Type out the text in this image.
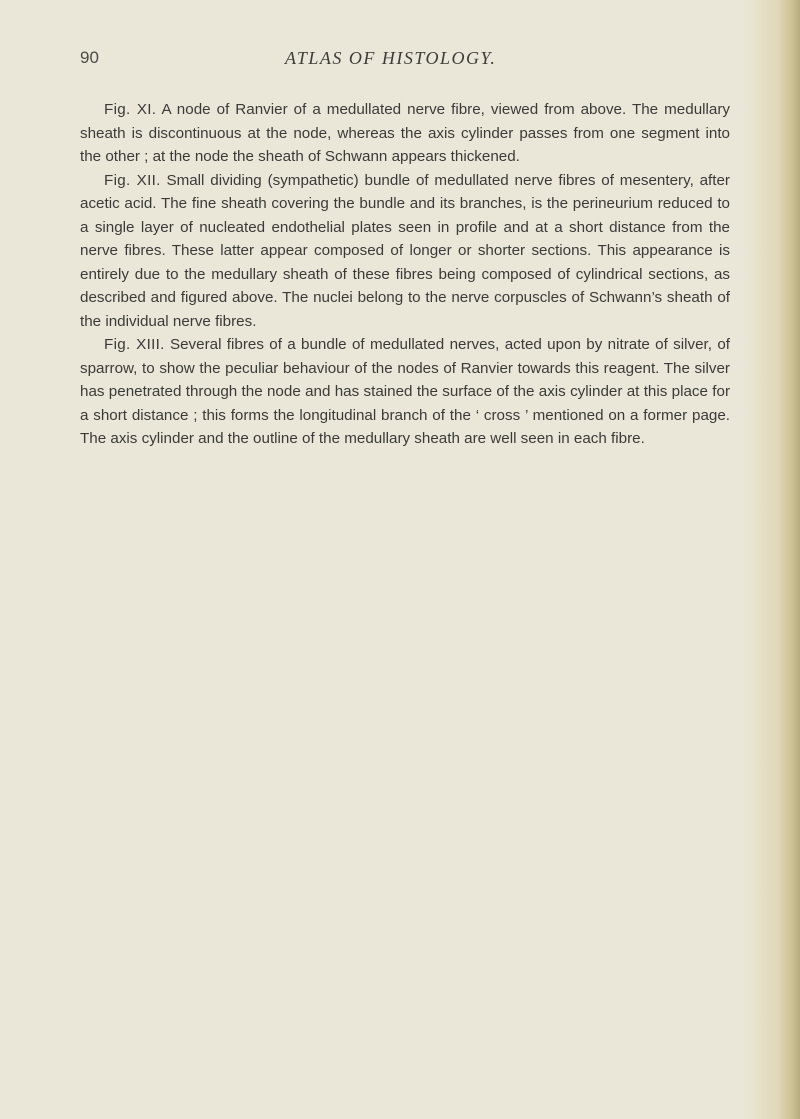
90	ATLAS OF HISTOLOGY.

Fig. XI. A node of Ranvier of a medullated nerve fibre, viewed from above. The medullary sheath is discontinuous at the node, whereas the axis cylinder passes from one segment into the other ; at the node the sheath of Schwann appears thickened.

Fig. XII. Small dividing (sympathetic) bundle of medullated nerve fibres of mesentery, after acetic acid. The fine sheath covering the bundle and its branches, is the perineurium reduced to a single layer of nucleated endothelial plates seen in profile and at a short distance from the nerve fibres. These latter appear composed of longer or shorter sections. This appearance is entirely due to the medullary sheath of these fibres being composed of cylindrical sections, as described and figured above. The nuclei belong to the nerve corpuscles of Schwann’s sheath of the individual nerve fibres.

Fig. XIII. Several fibres of a bundle of medullated nerves, acted upon by nitrate of silver, of sparrow, to show the peculiar behaviour of the nodes of Ranvier towards this reagent. The silver has penetrated through the node and has stained the surface of the axis cylinder at this place for a short distance ; this forms the longitudinal branch of the ‘ cross ’ mentioned on a former page. The axis cylinder and the outline of the medullary sheath are well seen in each fibre.
